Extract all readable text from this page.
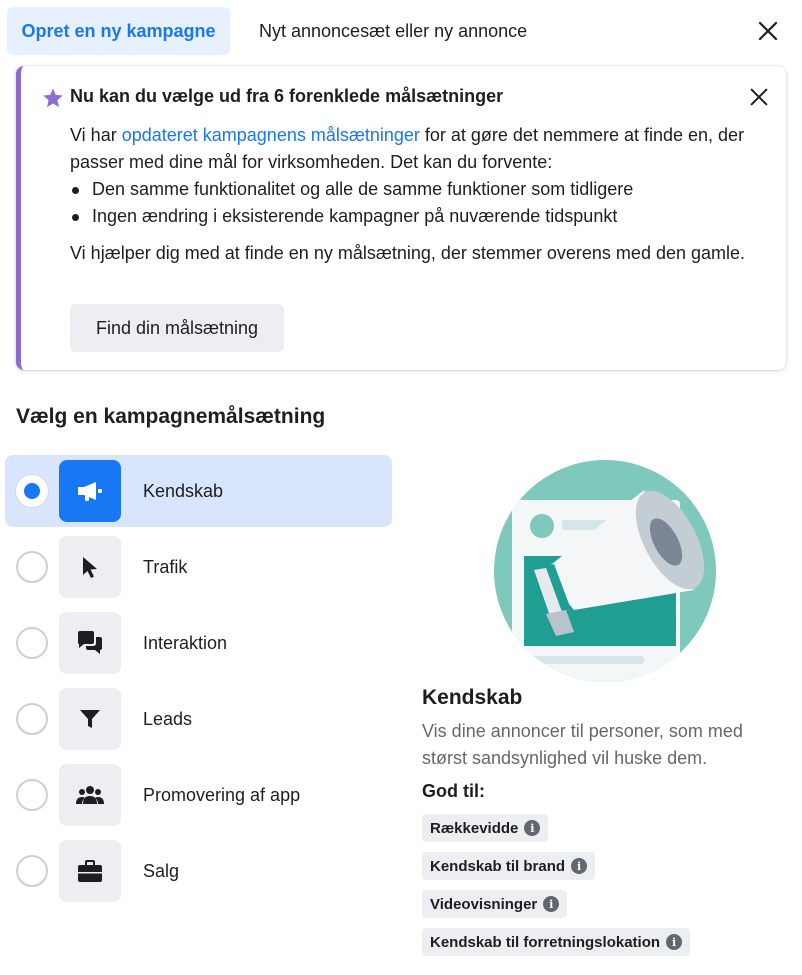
Opret en ny kampagne	Nyt annoncesæt eller ny annonce
Nu kan du vælge ud fra 6 forenklede målsætninger
Vi har opdateret kampagnens målsætninger for at gøre det nemmere at finde en, der passer med dine mål for virksomheden. Det kan du forvente:
Den samme funktionalitet og alle de samme funktioner som tidligere
Ingen ændring i eksisterende kampagner på nuværende tidspunkt
Vi hjælper dig med at finde en ny målsætning, der stemmer overens med den gamle.
Find din målsætning
Vælg en kampagnemålsætning
Kendskab
Trafik
Interaktion
Leads
Promovering af app
Salg
Kendskab
Vis dine annoncer til personer, som med størst sandsynlighed vil huske dem.
God til:
Rækkevidde	i
Kendskab til brand	i
Videovisninger	i
Kendskab til forretningslokation	i
